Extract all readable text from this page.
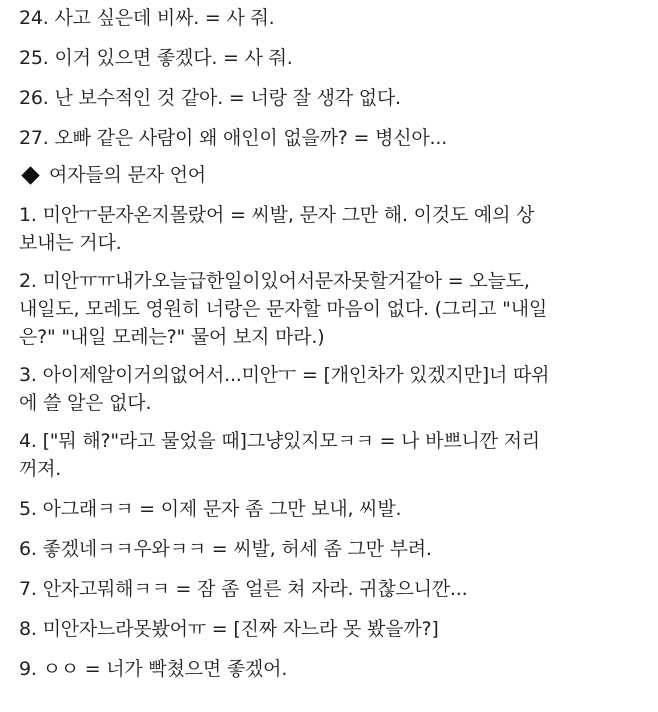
24. 사고 싶은데 비싸. = 사 줘.
25. 이거 있으면 좋겠다. = 사 줘.
26. 난 보수적인 것 같아. = 너랑 잘 생각 없다.
27. 오빠 같은 사람이 왜 애인이 없을까? = 병신아...
여자들의 문자 언어
1. 미안ㅜ문자온지몰랐어 = 씨발, 문자 그만 해. 이것도 예의 상
보내는 거다.
2. 미안ㅠㅠ내가오늘급한일이있어서문자못할거같아 = 오늘도,
내일도, 모레도 영원히 너랑은 문자할 마음이 없다. (그리고 "내일
은?" "내일 모레는?" 물어 보지 마라.)
3. 아이제알이거의없어서...미안ㅜ = [개인차가 있겠지만]너 따위
에 쓸 알은 없다.
4. ["뭐 해?"라고 물었을 때]그냥있지모ㅋㅋ = 나 바쁘니깐 저리
꺼져.
5. 아그래ㅋㅋ = 이제 문자 좀 그만 보내, 씨발.
6. 좋겠네ㅋㅋ우와ㅋㅋ = 씨발, 허세 좀 그만 부려.
7. 안자고뭐해ㅋㅋ = 잠 좀 얼른 쳐 자라. 귀찮으니깐...
8. 미안자느라못봤어ㅠ = [진짜 자느라 못 봤을까?]
9. ㅇㅇ = 너가 빡쳤으면 좋겠어.
